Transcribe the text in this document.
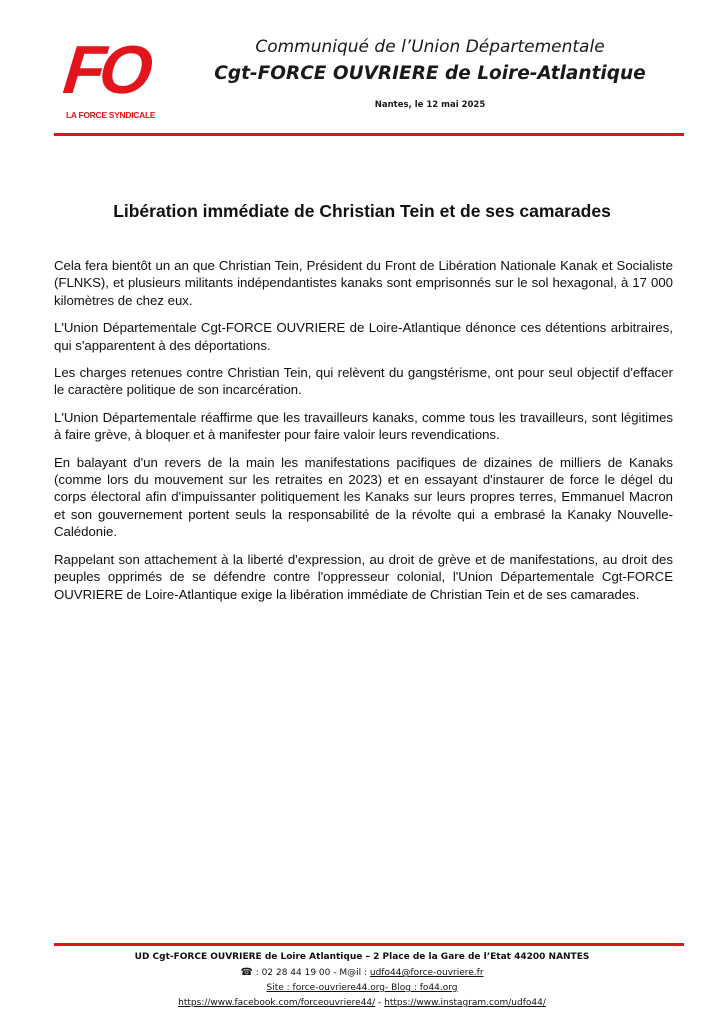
FO
LA FORCE SYNDICALE

Communiqué de l’Union Départementale

Cgt-FORCE OUVRIERE de Loire-Atlantique

Nantes, le 12 mai 2025
Libération immédiate de Christian Tein et de ses camarades

Cela fera bientôt un an que Christian Tein, Président du Front de Libération Nationale Kanak et Socialiste (FLNKS), et plusieurs militants indépendantistes kanaks sont emprisonnés sur le sol hexagonal, à 17 000 kilomètres de chez eux.

L'Union Départementale Cgt-FORCE OUVRIERE de Loire-Atlantique dénonce ces détentions arbitraires, qui s'apparentent à des déportations.

Les charges retenues contre Christian Tein, qui relèvent du gangstérisme, ont pour seul objectif d'effacer le caractère politique de son incarcération.

L'Union Départementale réaffirme que les travailleurs kanaks, comme tous les travailleurs, sont légitimes à faire grève, à bloquer et à manifester pour faire valoir leurs revendications.

En balayant d'un revers de la main les manifestations pacifiques de dizaines de milliers de Kanaks (comme lors du mouvement sur les retraites en 2023) et en essayant d'instaurer de force le dégel du corps électoral afin d'impuissanter politiquement les Kanaks sur leurs propres terres, Emmanuel Macron et son gouvernement portent seuls la responsabilité de la révolte qui a embrasé la Kanaky Nouvelle-Calédonie.

Rappelant son attachement à la liberté d'expression, au droit de grève et de manifestations, au droit des peuples opprimés de se défendre contre l'oppresseur colonial, l'Union Départementale Cgt-FORCE OUVRIERE de Loire-Atlantique exige la libération immédiate de Christian Tein et de ses camarades.

UD Cgt-FORCE OUVRIERE de Loire Atlantique – 2 Place de la Gare de l’Etat 44200 NANTES
☎ : 02 28 44 19 00 - M@il : udfo44@force-ouvriere.fr
Site : force-ouvriere44.org- Blog : fo44.org
https://www.facebook.com/forceouvriere44/ - https://www.instagram.com/udfo44/
